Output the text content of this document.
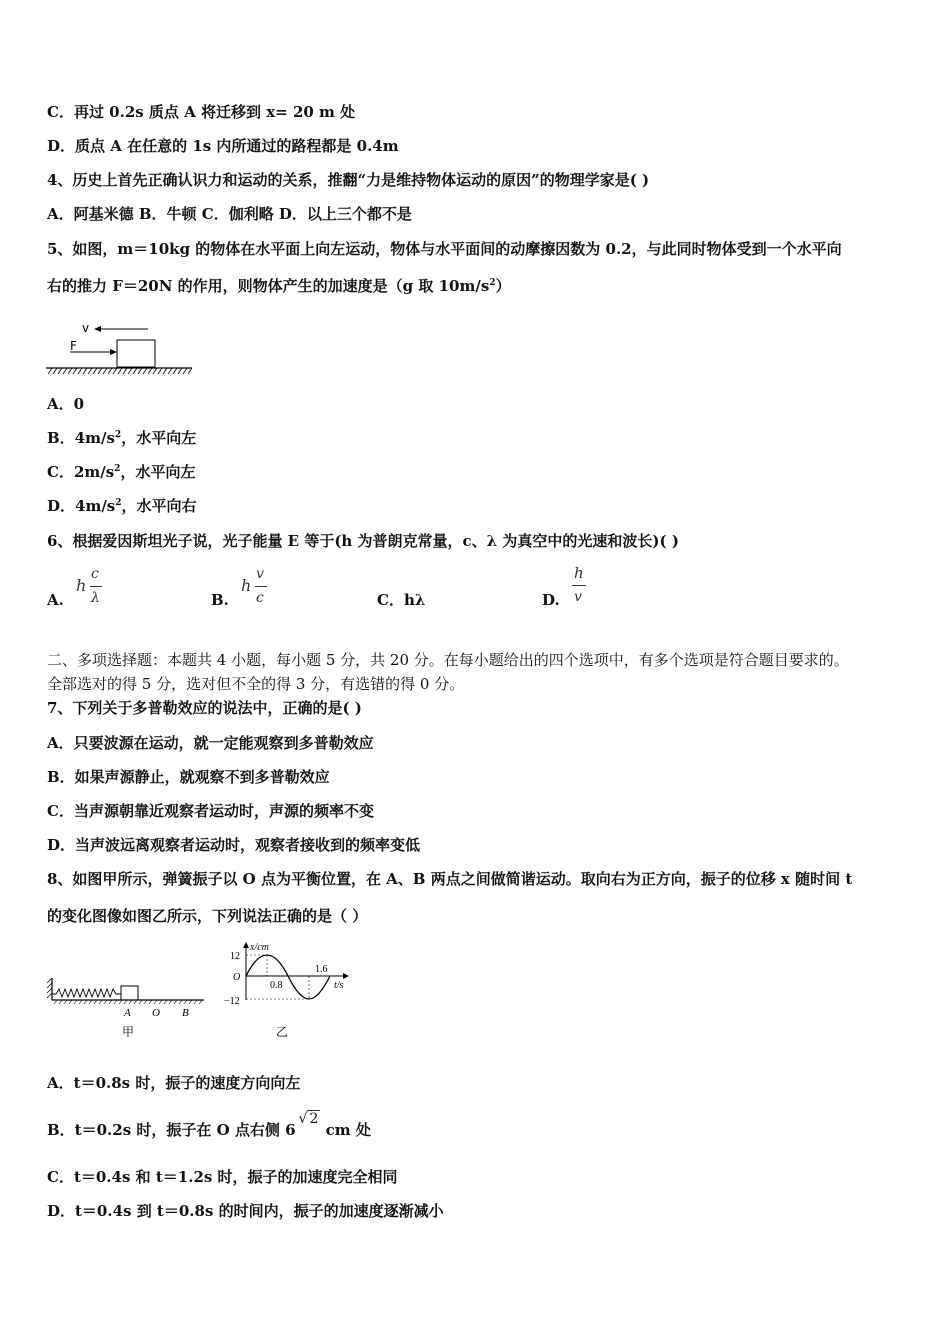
C．再过 0.2s 质点 A 将迁移到 x= 20 m 处
D．质点 A 在任意的 1s 内所通过的路程都是 0.4m
4、历史上首先正确认识力和运动的关系，推翻“力是维持物体运动的原因”的物理学家是( )
A．阿基米德 B．牛顿 C．伽利略 D．以上三个都不是
5、如图，m＝10kg 的物体在水平面上向左运动，物体与水平面间的动摩擦因数为 0.2，与此同时物体受到一个水平向
右的推力 F＝20N 的作用，则物体产生的加速度是（g 取 $10m/s^2$）
v
F
A．0
B．$4m/s^2$，水平向左
C．$2m/s^2$，水平向左
D．$4m/s^2$，水平向右
6、根据爱因斯坦光子说，光子能量 E 等于(h 为普朗克常量，c、λ 为真空中的光速和波长)( )
A.
h
c
λ	B.
h
v
c	C．hλ	D.
h
v
二、多项选择题：本题共 4 小题，每小题 5 分，共 20 分。在每小题给出的四个选项中，有多个选项是符合题目要求的。
全部选对的得 5 分，选对但不全的得 3 分，有选错的得 0 分。
7、下列关于多普勒效应的说法中，正确的是( )
A．只要波源在运动，就一定能观察到多普勒效应
B．如果声源静止，就观察不到多普勒效应
C．当声源朝靠近观察者运动时，声源的频率不变
D．当声波远离观察者运动时，观察者接收到的频率变低
8、如图甲所示，弹簧振子以 O 点为平衡位置，在 A、B 两点之间做简谐运动。取向右为正方向，振子的位移 x 随时间 t
的变化图像如图乙所示，下列说法正确的是（ ）
A O B
甲
x/cm
t/s
12
−12
O
0.8
1.6
乙
A．t＝0.8s 时，振子的速度方向向左
B．t＝0.2s 时，振子在 O 点右侧 6√ 2 cm 处
C．t＝0.4s 和 t＝1.2s 时，振子的加速度完全相同
D．t＝0.4s 到 t＝0.8s 的时间内，振子的加速度逐渐减小
